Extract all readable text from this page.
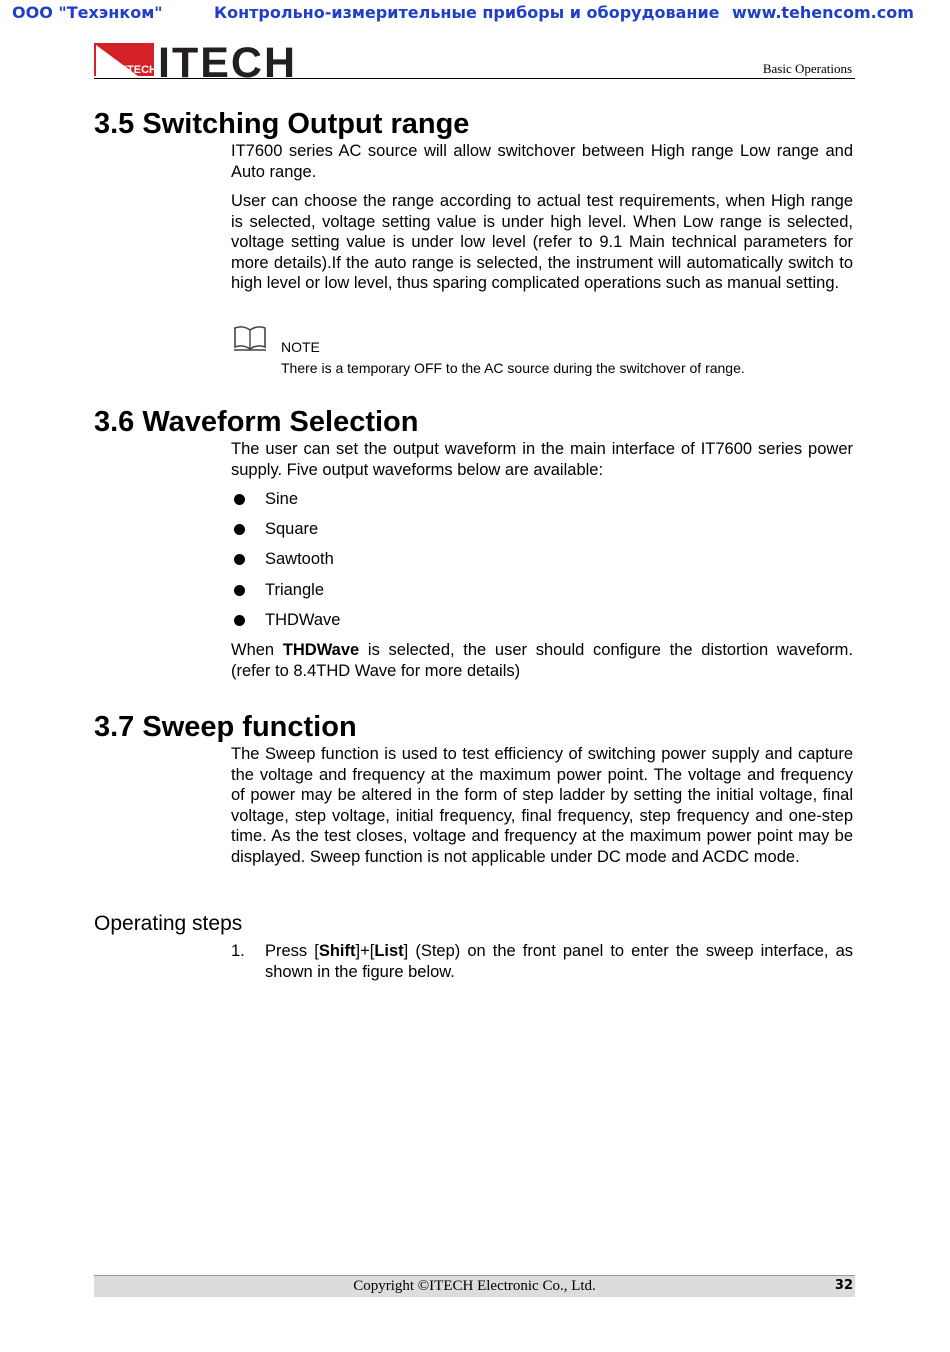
ООО "Техэнком"	Контрольно-измерительные приборы и оборудование www.tehencom.com
ITECH ITECH	Basic Operations
3.5 Switching Output range

IT7600 series AC source will allow switchover between High range Low range and Auto range.

User can choose the range according to actual test requirements, when High range is selected, voltage setting value is under high level. When Low range is selected, voltage setting value is under low level (refer to 9.1 Main technical parameters for more details).If the auto range is selected, the instrument will automatically switch to high level or low level, thus sparing complicated operations such as manual setting.

NOTE
There is a temporary OFF to the AC source during the switchover of range.
3.6 Waveform Selection

The user can set the output waveform in the main interface of IT7600 series power supply. Five output waveforms below are available:

Sine
Square
Sawtooth
Triangle
THDWave

When THDWave is selected, the user should configure the distortion waveform. (refer to 8.4THD Wave for more details)

3.7 Sweep function

The Sweep function is used to test efficiency of switching power supply and capture the voltage and frequency at the maximum power point. The voltage and frequency of power may be altered in the form of step ladder by setting the initial voltage, final voltage, step voltage, initial frequency, final frequency, step frequency and one-step time. As the test closes, voltage and frequency at the maximum power point may be displayed. Sweep function is not applicable under DC mode and ACDC mode.

Operating steps
1. Press [Shift]+[List] (Step) on the front panel to enter the sweep interface, as shown in the figure below.

Copyright ©ITECH Electronic Co., Ltd.	32
